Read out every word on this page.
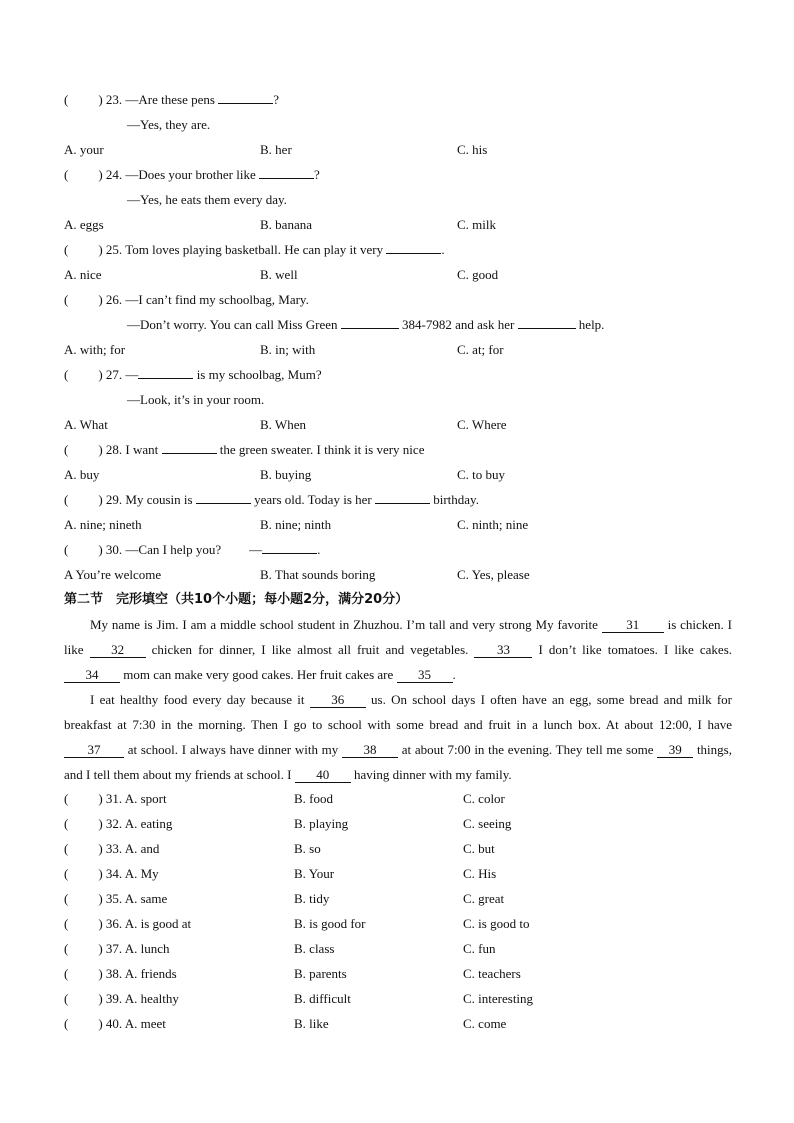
( ) 23. —Are these pens	?
—Yes, they are.
A. your	B. her	C. his
( ) 24. —Does your brother like	?
—Yes, he eats them every day.
A. eggs	B. banana	C. milk
( ) 25. Tom loves playing basketball. He can play it very	.
A. nice	B. well	C. good
( ) 26. —I can’t find my schoolbag, Mary.
—Don’t worry. You can call Miss Green	384-7982 and ask her	help.
A. with; for	B. in; with	C. at; for
( ) 27. —	is my schoolbag, Mum?
—Look, it’s in your room.
A. What	B. When	C. Where
( ) 28. I want	the green sweater. I think it is very nice
A. buy	B. buying	C. to buy
( ) 29. My cousin is	years old. Today is her	birthday.
A. nine; nineth	B. nine; ninth	C. ninth; nine
( ) 30. —Can I help you? —	.
A You’re welcome	B. That sounds boring	C. Yes, please
第二节　完形填空（共10个小题；每小题2分，满分20分）

My name is Jim. I am a middle school student in Zhuzhou. I’m tall and very strong My favorite 31 is chicken. I like 32 chicken for dinner, I like almost all fruit and vegetables. 33 I don’t like tomatoes. I like cakes. 34 mom can make very good cakes. Her fruit cakes are 35 .

I eat healthy food every day because it 36 us. On school days I often have an egg, some bread and milk for breakfast at 7:30 in the morning. Then I go to school with some bread and fruit in a lunch box. At about 12:00, I have 37 at school. I always have dinner with my 38 at about 7:00 in the evening. They tell me some 39 things, and I tell them about my friends at school. I 40 having dinner with my family.

( ) 31. A. sport	B. food	C. color
( ) 32. A. eating	B. playing	C. seeing
( ) 33. A. and	B. so	C. but
( ) 34. A. My	B. Your	C. His
( ) 35. A. same	B. tidy	C. great
( ) 36. A. is good at	B. is good for	C. is good to
( ) 37. A. lunch	B. class	C. fun
( ) 38. A. friends	B. parents	C. teachers
( ) 39. A. healthy	B. difficult	C. interesting
( ) 40. A. meet	B. like	C. come
